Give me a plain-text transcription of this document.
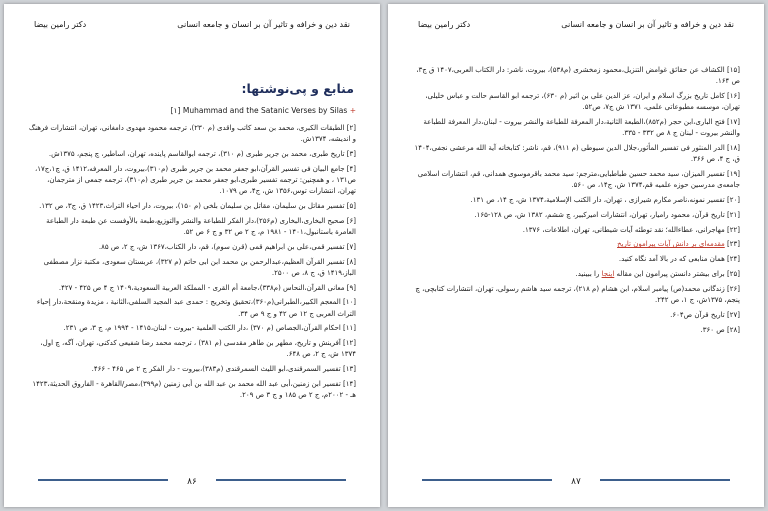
نقد دین و خرافه و تاثیر آن بر انسان و جامعه انسانی
دکتر رامین بیضا
منابع و پی‌نوشتها:
[۱] Muhammad and the Satanic Verses by Silas +
[۲] الطبقات الکبری، محمد بن سعد کاتب واقدی (م ۲۳۰)، ترجمه محمود مهدوی دامغانی، تهران، انتشارات فرهنگ و اندیشه، ۱۳۷۴ش.
[۳] تاریخ طبری، محمد بن جریر طبری (م ۳۱۰)، ترجمه ابوالقاسم پاینده، تهران، اساطیر، چ پنجم، ۱۳۷۵ش.
[۴] جامع البیان فی تفسیر القرآن،ابو جعفر محمد بن جریر طبری (م۳۱۰)،بیروت، دار المعرفه،۱۴۱۲ ق، چ۱،ج۱۷، ص۱۳۱ ، و همچنین: ترجمه تفسیر طبری،ابو جعفر محمد بن جریر طبری (م۳۱۰)، ترجمه جمعی از مترجمان، تهران، انتشارات توس،۱۳۵۶ ش، ج۴، ص ۱۰۷۹.
[۵] تفسیر مقاتل بن سلیمان، مقاتل بن سلیمان بلخی (م ۱۵۰)، بیروت، دار احیاء التراث،۱۴۲۳ ق، ج۳، ص ۱۳۲.
[۶] صحیح البخاری،البخاری (م۲۵۶)،دار الفکر للطباعة والنشر والتوزیع،طبعة بالأوفست عن طبعة دار الطباعة العامرة باستانبول،۱۴۰۱ - ۱۹۸۱ م، ج ۲ ص ۳۲ و ج ۶ ص ۵۲.
[۷] تفسیر قمی،علی بن ابراهیم قمی (قرن سوم)، قم، دار الکتاب،۱۳۶۷ ش، ج ۲، ص ۸۵.
[۸] تفسیر القرآن العظیم،عبدالرحمن بن محمد ابن ابی حاتم (م ۳۲۷)، عربستان سعودی، مکتبة نزار مصطفی الباز،۱۴۱۹ ق، ج ۸، ص ۲۵۰۰.
[۹] معانی القرآن،النحاس (م۳۳۸)،جامعة أم القری - المملکة العربیة السعودیة،۱۴۰۹ ج ۴ ص ۴۲۵ - ۴۲۷.
[۱۰] المعجم الکبیر،الطبرانی(م۳۶۰)،تحقیق وتخریج : حمدی عبد المجید السلفی،الثانیة ، مزیدة ومنقحة،دار إحیاء التراث العربی ج ۱۲ ص ۴۲ و ج ۹ ص ۳۴.
[۱۱] احکام القرآن،الجصاص (م ۳۷۰) ،دار الکتب العلمیة -بیروت - لبنان،۱۴۱۵ - ۱۹۹۴ م، ج ۳، ص ۲۳۱.
[۱۲] آفرینش و تاریخ، مطهر بن طاهر مقدسی (م ۳۸۱) ، ترجمه محمد رضا شفیعی کدکنی، تهران، آگه، چ اول، ۱۳۷۴ ش، ج ۲، ص ۶۴۸.
[۱۳] تفسیر السمرقندی،ابو اللیث السمرقندی (م۳۸۳)،بیروت - دار الفکر ج ۲ ص ۴۶۵ - ۴۶۶.
[۱۴] تفسیر ابن زمنین،أبی عبد الله محمد بن عبد الله بن أبی زمنین (م۳۹۹)،مصر/القاهرة - الفاروق الحدیثة،۱۴۲۳ هـ - ۲۰۰۲م، ج ۲ ص ۱۸۵ و ج ۳ ص ۲۰۹.
۸۶
نقد دین و خرافه و تاثیر آن بر انسان و جامعه انسانی
دکتر رامین بیضا
[۱۵] الکشاف عن حقائق غوامض التنزیل،محمود زمخشری (م۵۳۸)، بیروت، ناشر: دار الکتاب العربی،۱۴۰۷ ق ج۳، ص ۱۶۴.
[۱۶] کامل تاریخ بزرگ اسلام و ایران، عز الدین علی بن اثیر (م ۶۳۰)، ترجمه ابو القاسم حالت و عباس خلیلی، تهران، موسسه مطبوعاتی علمی، ۱۳۷۱ ش ج۷، ص۵۲.
[۱۷] فتح الباری،ابن حجر (م۸۵۲)،الطبعة الثانیة،دار المعرفة للطباعة والنشر بیروت - لبنان،دار المعرفة للطباعة والنشر بیروت - لبنان ج ۸ ص ۳۳۲ - ۳۳۵.
[۱۸] الدر المنثور فی تفسیر المأثور،جلال الدین سیوطی (م ۹۱۱)، قم، ناشر: کتابخانه آیة الله مرعشی نجفی،۱۴۰۴ ق، ج ۴، ص ۳۶۶.
[۱۹] تفسیر المیزان، سید محمد حسین طباطبایی،مترجم: سید محمد باقرموسوی همدانی، قم، انتشارات اسلامی جامعه‌ی مدرسین حوزه علمیه قم،۱۳۷۴ ش، ج۱۴، ص ۵۶۰.
[۲۰] تفسیر نمونه،ناصر مکارم شیرازی ، تهران، دار الکتب الإسلامیة،۱۳۷۴ ش، ج ۱۴، ص ۱۳۱.
[۲۱] تاریخ قرآن، محمود رامیار، تهران، انتشارات امیرکبیر، چ ششم، ۱۳۸۲ ش، ص ۱۲۸-۱۶۵.
[۲۲] مهاجرانی، عطاءالله؛ نقد توطئه آیات شیطانی، تهران، اطلاعات، ۱۳۷۶.
[۲۳] مقدمه‌ای بر دانش آیات پیرامون تاریخ
[۲۴] همان منابعی که در بالا آمد نگاه کنید.
[۲۵] برای بیشتر دانستن پیرامون این مقاله اینجا را ببینید.
[۲۶] زندگانی محمد(ص) پیامبر اسلام، ابن هشام (م ۲۱۸)، ترجمه سید هاشم رسولی، تهران، انتشارات کتابچی، چ پنجم، ۱۳۷۵ش، ج ۱، ص ۲۴۲.
[۲۷] تاریخ قرآن ص۶۰۴.
[۲۸] ص ۳۶۰.
۸۷
